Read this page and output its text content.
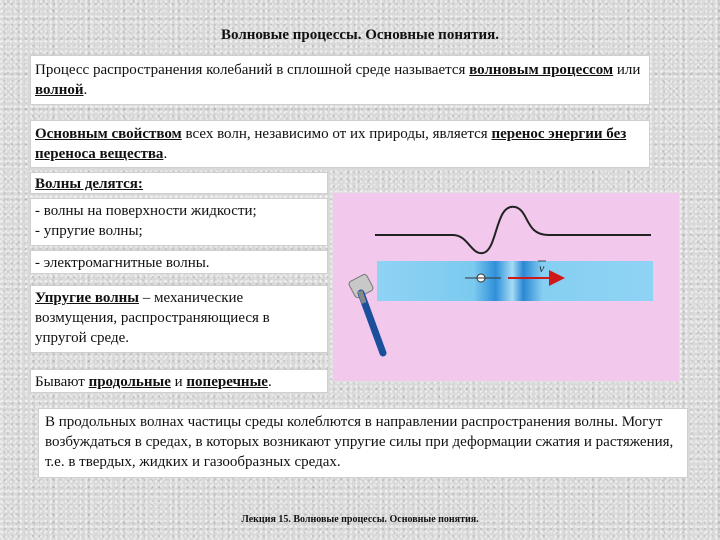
Волновые процессы. Основные понятия.
Процесс распространения колебаний в сплошной среде называется волновым процессом или волной.
Основным свойством всех волн, независимо от их природы, является перенос энергии без переноса вещества.
Волны делятся:
- волны на поверхности жидкости;
- упругие волны;
- электромагнитные волны.
Упругие волны – механические возмущения, распространяющиеся в упругой среде.
Бывают продольные и поперечные.
В продольных волнах частицы среды колеблются в направлении распространения волны. Могут возбуждаться в средах, в которых возникают упругие силы при деформации сжатия и растяжения, т.е. в твердых, жидких и газообразных средах.
v
Лекция 15. Волновые процессы. Основные понятия.
